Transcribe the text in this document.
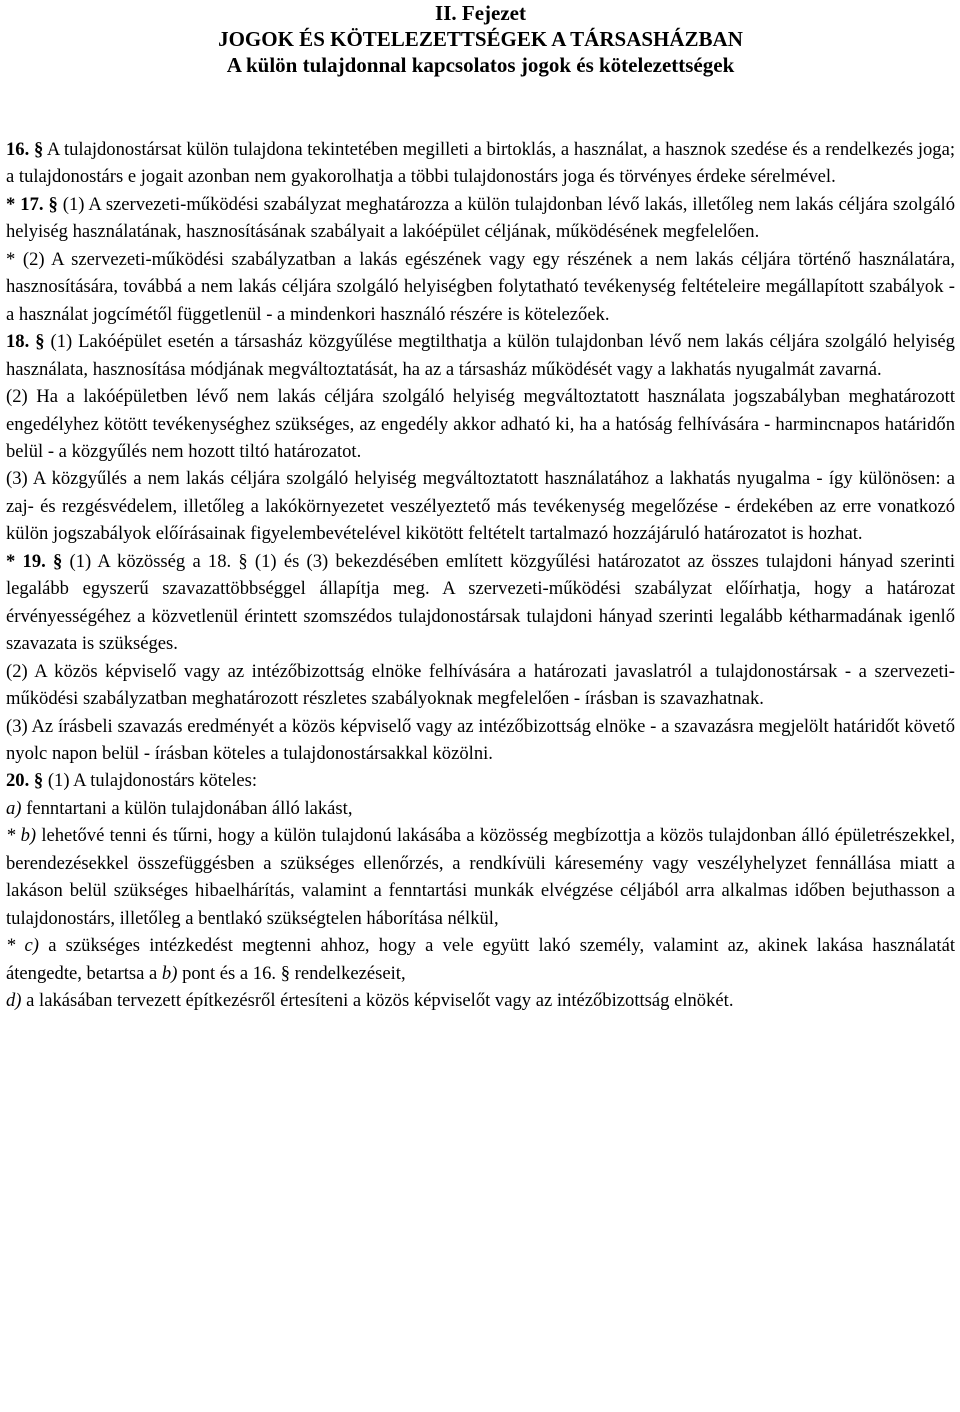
II. Fejezet
JOGOK ÉS KÖTELEZETTSÉGEK A TÁRSASHÁZBAN
A külön tulajdonnal kapcsolatos jogok és kötelezettségek

16. § A tulajdonostársat külön tulajdona tekintetében megilleti a birtoklás, a használat, a hasznok szedése és a rendelkezés joga; a tulajdonostárs e jogait azonban nem gyakorolhatja a többi tulajdonostárs joga és törvényes érdeke sérelmével.

* 17. § (1) A szervezeti-működési szabályzat meghatározza a külön tulajdonban lévő lakás, illetőleg nem lakás céljára szolgáló helyiség használatának, hasznosításának szabályait a lakóépület céljának, működésének megfelelően.

* (2) A szervezeti-működési szabályzatban a lakás egészének vagy egy részének a nem lakás céljára történő használatára, hasznosítására, továbbá a nem lakás céljára szolgáló helyiségben folytatható tevékenység feltételeire megállapított szabályok - a használat jogcímétől függetlenül - a mindenkori használó részére is kötelezőek.

18. § (1) Lakóépület esetén a társasház közgyűlése megtilthatja a külön tulajdonban lévő nem lakás céljára szolgáló helyiség használata, hasznosítása módjának megváltoztatását, ha az a társasház működését vagy a lakhatás nyugalmát zavarná.

(2) Ha a lakóépületben lévő nem lakás céljára szolgáló helyiség megváltoztatott használata jogszabályban meghatározott engedélyhez kötött tevékenységhez szükséges, az engedély akkor adható ki, ha a hatóság felhívására - harmincnapos határidőn belül - a közgyűlés nem hozott tiltó határozatot.

(3) A közgyűlés a nem lakás céljára szolgáló helyiség megváltoztatott használatához a lakhatás nyugalma - így különösen: a zaj- és rezgésvédelem, illetőleg a lakókörnyezetet veszélyeztető más tevékenység megelőzése - érdekében az erre vonatkozó külön jogszabályok előírásainak figyelembevételével kikötött feltételt tartalmazó hozzájáruló határozatot is hozhat.

* 19. § (1) A közösség a 18. § (1) és (3) bekezdésében említett közgyűlési határozatot az összes tulajdoni hányad szerinti legalább egyszerű szavazattöbbséggel állapítja meg. A szervezeti-működési szabályzat előírhatja, hogy a határozat érvényességéhez a közvetlenül érintett szomszédos tulajdonostársak tulajdoni hányad szerinti legalább kétharmadának igenlő szavazata is szükséges.

(2) A közös képviselő vagy az intézőbizottság elnöke felhívására a határozati javaslatról a tulajdonostársak - a szervezeti-működési szabályzatban meghatározott részletes szabályoknak megfelelően - írásban is szavazhatnak.

(3) Az írásbeli szavazás eredményét a közös képviselő vagy az intézőbizottság elnöke - a szavazásra megjelölt határidőt követő nyolc napon belül - írásban köteles a tulajdonostársakkal közölni.

20. § (1) A tulajdonostárs köteles:

a) fenntartani a külön tulajdonában álló lakást,

* b) lehetővé tenni és tűrni, hogy a külön tulajdonú lakásába a közösség megbízottja a közös tulajdonban álló épületrészekkel, berendezésekkel összefüggésben a szükséges ellenőrzés, a rendkívüli káresemény vagy veszélyhelyzet fennállása miatt a lakáson belül szükséges hibaelhárítás, valamint a fenntartási munkák elvégzése céljából arra alkalmas időben bejuthasson a tulajdonostárs, illetőleg a bentlakó szükségtelen háborítása nélkül,

* c) a szükséges intézkedést megtenni ahhoz, hogy a vele együtt lakó személy, valamint az, akinek lakása használatát átengedte, betartsa a b) pont és a 16. § rendelkezéseit,

d) a lakásában tervezett építkezésről értesíteni a közös képviselőt vagy az intézőbizottság elnökét.
